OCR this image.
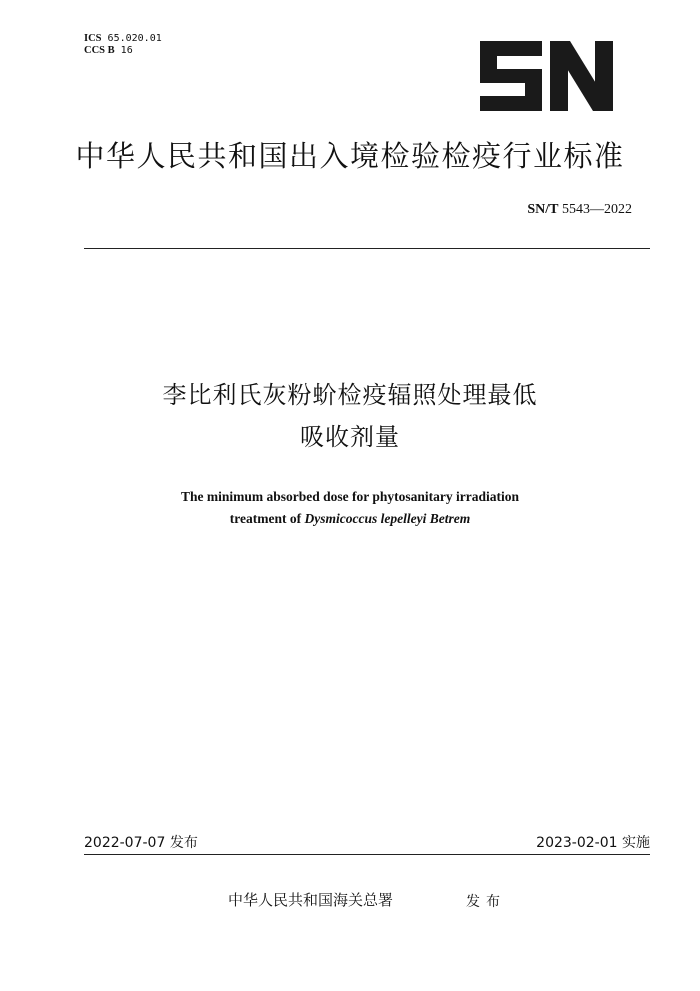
ICS 65.020.01
CCS B 16
中华人民共和国出入境检验检疫行业标准
SN/T 5543—2022
李比利氏灰粉蚧检疫辐照处理最低
吸收剂量
The minimum absorbed dose for phytosanitary irradiation
treatment of Dysmicoccus lepelleyi Betrem
2022-07-07 发布	2023-02-01 实施
中华人民共和国海关总署	发布
